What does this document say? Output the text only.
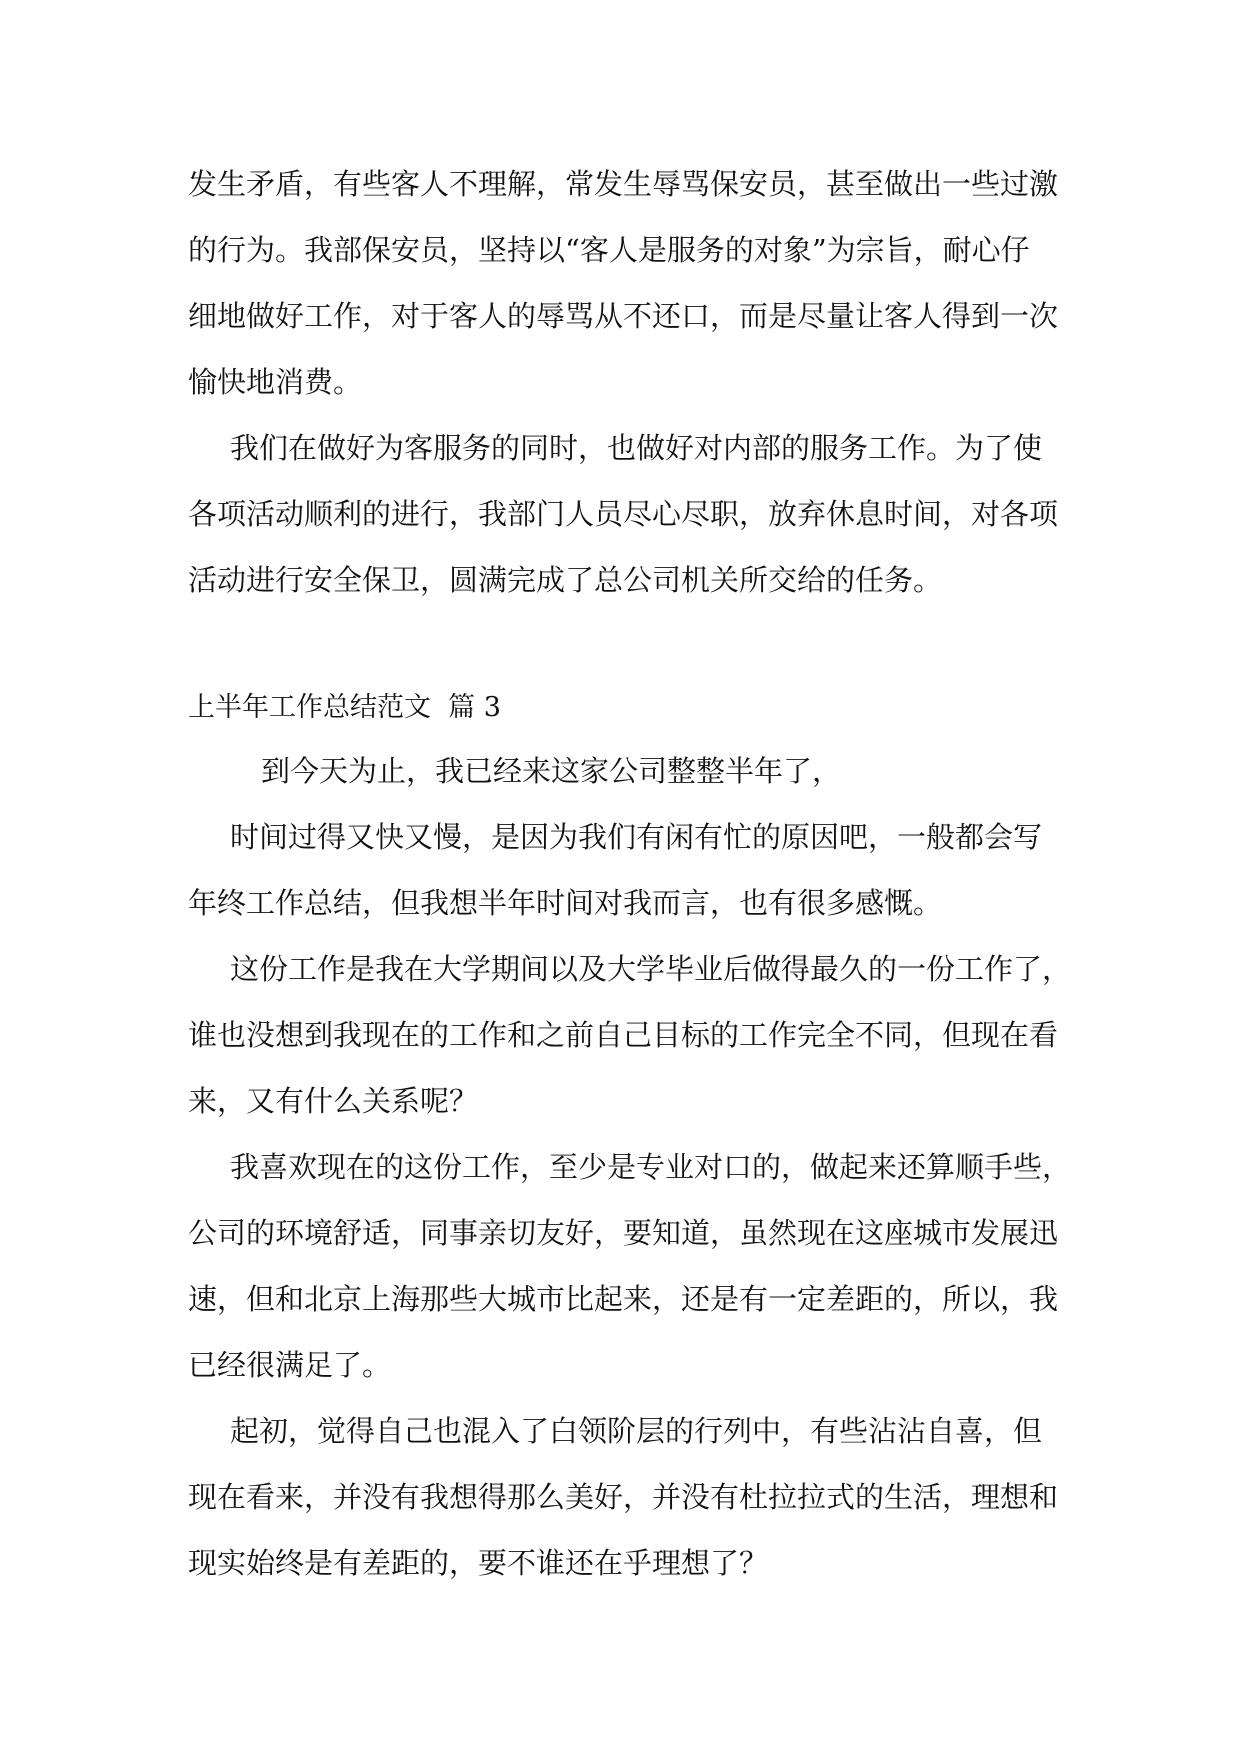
发生矛盾，有些客人不理解，常发生辱骂保安员，甚至做出一些过激
的行为。我部保安员，坚持以“客人是服务的对象”为宗旨，耐心仔
细地做好工作，对于客人的辱骂从不还口，而是尽量让客人得到一次
愉快地消费。
我们在做好为客服务的同时，也做好对内部的服务工作。为了使
各项活动顺利的进行，我部门人员尽心尽职，放弃休息时间，对各项
活动进行安全保卫，圆满完成了总公司机关所交给的任务。
上半年工作总结范文  篇 3
到今天为止，我已经来这家公司整整半年了，
时间过得又快又慢，是因为我们有闲有忙的原因吧，一般都会写
年终工作总结，但我想半年时间对我而言，也有很多感慨。
这份工作是我在大学期间以及大学毕业后做得最久的一份工作了，
谁也没想到我现在的工作和之前自己目标的工作完全不同，但现在看
来，又有什么关系呢？
我喜欢现在的这份工作，至少是专业对口的，做起来还算顺手些，
公司的环境舒适，同事亲切友好，要知道，虽然现在这座城市发展迅
速，但和北京上海那些大城市比起来，还是有一定差距的，所以，我
已经很满足了。
起初，觉得自己也混入了白领阶层的行列中，有些沾沾自喜，但
现在看来，并没有我想得那么美好，并没有杜拉拉式的生活，理想和
现实始终是有差距的，要不谁还在乎理想了？
